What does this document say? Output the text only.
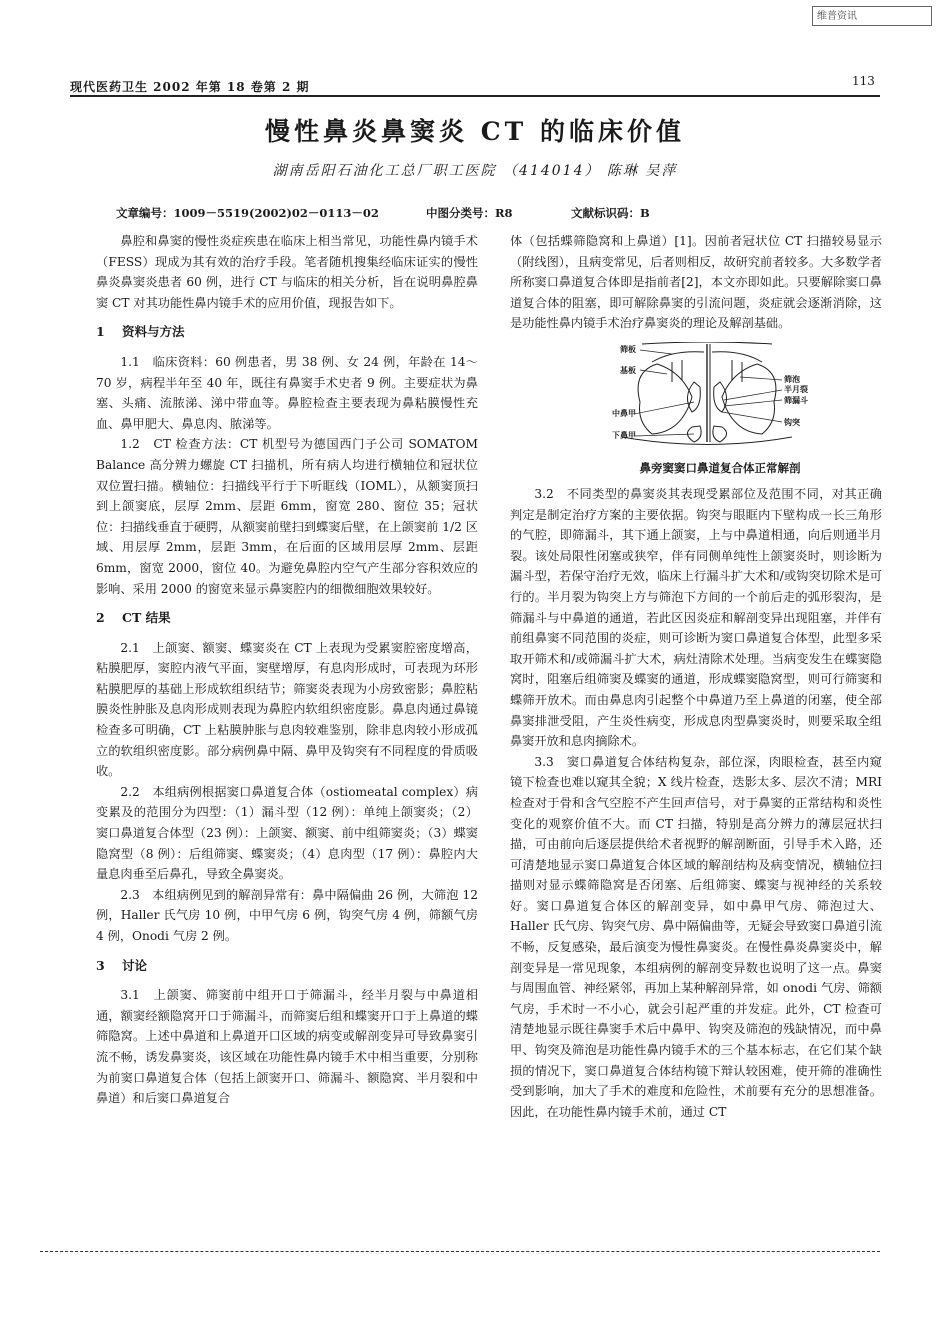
维普资讯
现代医药卫生 2002 年第 18 卷第 2 期	113
慢性鼻炎鼻窦炎 CT 的临床价值
湖南岳阳石油化工总厂职工医院 （414014） 陈琳 吴萍
文章编号：1009－5519(2002)02－0113－02	中图分类号：R8	文献标识码：B

鼻腔和鼻窦的慢性炎症疾患在临床上相当常见，功能性鼻内镜手术（FESS）现成为其有效的治疗手段。笔者随机搜集经临床证实的慢性鼻炎鼻窦炎患者 60 例，进行 CT 与临床的相关分析，旨在说明鼻腔鼻窦 CT 对其功能性鼻内镜手术的应用价值，现报告如下。

1 资料与方法

1.1　临床资料：60 例患者，男 38 例、女 24 例，年龄在 14～70 岁，病程半年至 40 年，既往有鼻窦手术史者 9 例。主要症状为鼻塞、头痛、流脓涕、涕中带血等。鼻腔检查主要表现为鼻粘膜慢性充血、鼻甲肥大、鼻息肉、脓涕等。

1.2　CT 检查方法：CT 机型号为德国西门子公司 SOMATOM Balance 高分辨力螺旋 CT 扫描机，所有病人均进行横轴位和冠状位双位置扫描。横轴位：扫描线平行于下听眶线（IOML），从额窦顶扫到上颌窦底，层厚 2mm、层距 6mm，窗宽 280、窗位 35；冠状位：扫描线垂直于硬腭，从额窦前壁扫到蝶窦后壁，在上颌窦前 1/2 区域、用层厚 2mm，层距 3mm，在后面的区域用层厚 2mm、层距 6mm，窗宽 2000，窗位 40。为避免鼻腔内空气产生部分容积效应的影响、采用 2000 的窗宽来显示鼻窦腔内的细微细胞效果较好。

2 CT 结果

2.1　上颌窦、额窦、蝶窦炎在 CT 上表现为受累窦腔密度增高，粘膜肥厚，窦腔内液气平面，窦壁增厚，有息肉形成时，可表现为环形粘膜肥厚的基础上形成软组织结节；筛窦炎表现为小房致密影；鼻腔粘膜炎性肿胀及息肉形成则表现为鼻腔内软组织密度影。鼻息肉通过鼻镜检查多可明确，CT 上粘膜肿胀与息肉较难鉴别，除非息肉较小形成孤立的软组织密度影。部分病例鼻中隔、鼻甲及钩突有不同程度的骨质吸收。

2.2　本组病例根据窦口鼻道复合体（ostiomeatal complex）病变累及的范围分为四型：（1）漏斗型（12 例）：单纯上颌窦炎；（2）窦口鼻道复合体型（23 例）：上颌窦、额窦、前中组筛窦炎；（3）蝶窦隐窝型（8 例）：后组筛窦、蝶窦炎；（4）息肉型（17 例）：鼻腔内大量息肉垂至后鼻孔，导致全鼻窦炎。

2.3　本组病例见到的解剖异常有：鼻中隔偏曲 26 例，大筛泡 12 例，Haller 氏气房 10 例，中甲气房 6 例，钩突气房 4 例，筛额气房 4 例，Onodi 气房 2 例。

3 讨论

3.1　上颌窦、筛窦前中组开口于筛漏斗，经半月裂与中鼻道相通，额窦经额隐窝开口于筛漏斗，而筛窦后组和蝶窦开口于上鼻道的蝶筛隐窝。上述中鼻道和上鼻道开口区域的病变或解剖变异可导致鼻窦引流不畅，诱发鼻窦炎，该区域在功能性鼻内镜手术中相当重要，分别称为前窦口鼻道复合体（包括上颌窦开口、筛漏斗、额隐窝、半月裂和中鼻道）和后窦口鼻道复合

体（包括蝶筛隐窝和上鼻道）[1]。因前者冠状位 CT 扫描较易显示（附线图），且病变常见，后者则相反，故研究前者较多。大多数学者所称窦口鼻道复合体即是指前者[2]，本文亦即如此。只要解除窦口鼻道复合体的阻塞，即可解除鼻窦的引流问题，炎症就会逐渐消除，这是功能性鼻内镜手术治疗鼻窦炎的理论及解剖基础。

筛板
基板
中鼻甲
下鼻甲
筛泡
半月裂
筛漏斗
钩突
鼻旁窦窦口鼻道复合体正常解剖

3.2　不同类型的鼻窦炎其表现受累部位及范围不同，对其正确判定是制定治疗方案的主要依据。钩突与眼眶内下壁构成一长三角形的气腔，即筛漏斗，其下通上颌窦，上与中鼻道相通，向后则通半月裂。该处局限性闭塞或狭窄，伴有同侧单纯性上颌窦炎时，则诊断为漏斗型，若保守治疗无效，临床上行漏斗扩大术和/或钩突切除术是可行的。半月裂为钩突上方与筛泡下方间的一个前后走的弧形裂沟，是筛漏斗与中鼻道的通道，若此区因炎症和解剖变异出现阻塞，并伴有前组鼻窦不同范围的炎症，则可诊断为窦口鼻道复合体型，此型多采取开筛术和/或筛漏斗扩大术，病灶清除术处理。当病变发生在蝶窦隐窝时，阻塞后组筛窦及蝶窦的通道，形成蝶窦隐窝型，则可行筛窦和蝶筛开放术。而由鼻息肉引起整个中鼻道乃至上鼻道的闭塞，使全部鼻窦排泄受阻，产生炎性病变，形成息肉型鼻窦炎时，则要采取全组鼻窦开放和息肉摘除术。

3.3　窦口鼻道复合体结构复杂，部位深，肉眼检查，甚至内窥镜下检查也难以窥其全貌；X 线片检查，迭影太多、层次不清；MRI 检查对于骨和含气空腔不产生回声信号，对于鼻窦的正常结构和炎性变化的观察价值不大。而 CT 扫描，特别是高分辨力的薄层冠状扫描，可由前向后逐层提供给术者视野的解剖断面，引导手术入路，还可清楚地显示窦口鼻道复合体区域的解剖结构及病变情况，横轴位扫描则对显示蝶筛隐窝是否闭塞、后组筛窦、蝶窦与视神经的关系较好。窦口鼻道复合体区的解剖变异，如中鼻甲气房、筛泡过大、Haller 氏气房、钩突气房、鼻中隔偏曲等，无疑会导致窦口鼻道引流不畅，反复感染，最后演变为慢性鼻窦炎。在慢性鼻炎鼻窦炎中，解剖变异是一常见现象，本组病例的解剖变异数也说明了这一点。鼻窦与周围血管、神经紧邻，再加上某种解剖异常，如 onodi 气房、筛额气房，手术时一不小心，就会引起严重的并发症。此外，CT 检查可清楚地显示既往鼻窦手术后中鼻甲、钩突及筛泡的残缺情况，而中鼻甲、钩突及筛泡是功能性鼻内镜手术的三个基本标志，在它们某个缺损的情况下，窦口鼻道复合体结构镜下辩认较困难，使开筛的准确性受到影响，加大了手术的难度和危险性，术前要有充分的思想准备。因此，在功能性鼻内镜手术前，通过 CT
